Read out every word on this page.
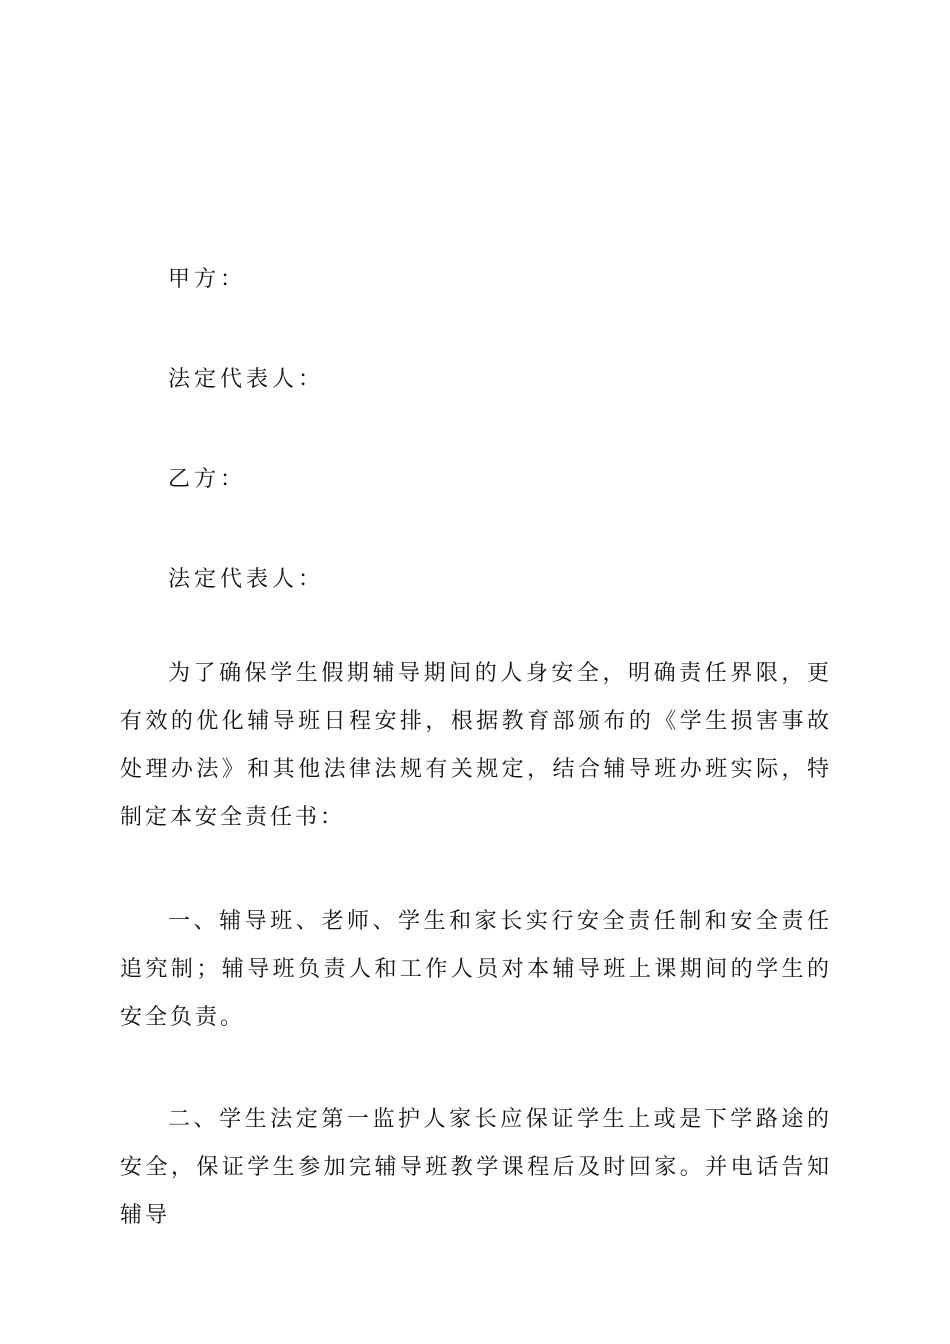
甲方：

法定代表人：

乙方：

法定代表人：

为了确保学生假期辅导期间的人身安全，明确责任界限，更有效的优化辅导班日程安排，根据教育部颁布的《学生损害事故处理办法》和其他法律法规有关规定，结合辅导班办班实际，特制定本安全责任书：

一、辅导班、老师、学生和家长实行安全责任制和安全责任追究制；辅导班负责人和工作人员对本辅导班上课期间的学生的安全负责。

二、学生法定第一监护人家长应保证学生上或是下学路途的安全，保证学生参加完辅导班教学课程后及时回家。并电话告知辅导
